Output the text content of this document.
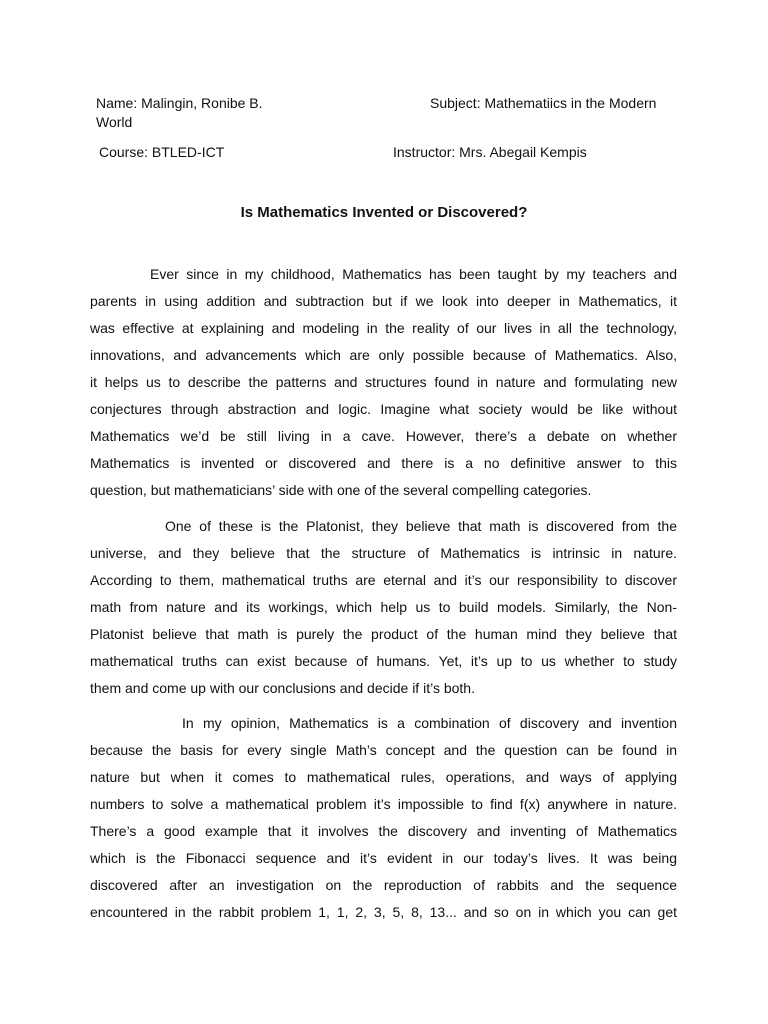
Name: Malingin, Ronibe B.	Subject: Mathematiics in the Modern
World
Course: BTLED-ICT	Instructor: Mrs. Abegail Kempis
Is Mathematics Invented or Discovered?
Ever since in my childhood, Mathematics has been taught by my teachers and
parents in using addition and subtraction but if we look into deeper in Mathematics, it
was effective at explaining and modeling in the reality of our lives in all the technology,
innovations, and advancements which are only possible because of Mathematics. Also,
it helps us to describe the patterns and structures found in nature and formulating new
conjectures through abstraction and logic. Imagine what society would be like without
Mathematics we’d be still living in a cave. However, there’s a debate on whether
Mathematics is invented or discovered and there is a no definitive answer to this
question, but mathematicians’ side with one of the several compelling categories.
One of these is the Platonist, they believe that math is discovered from the
universe, and they believe that the structure of Mathematics is intrinsic in nature.
According to them, mathematical truths are eternal and it’s our responsibility to discover
math from nature and its workings, which help us to build models. Similarly, the Non-
Platonist believe that math is purely the product of the human mind they believe that
mathematical truths can exist because of humans. Yet, it’s up to us whether to study
them and come up with our conclusions and decide if it’s both.
In my opinion, Mathematics is a combination of discovery and invention
because the basis for every single Math’s concept and the question can be found in
nature but when it comes to mathematical rules, operations, and ways of applying
numbers to solve a mathematical problem it’s impossible to find f(x) anywhere in nature.
There’s a good example that it involves the discovery and inventing of Mathematics
which is the Fibonacci sequence and it’s evident in our today’s lives. It was being
discovered after an investigation on the reproduction of rabbits and the sequence
encountered in the rabbit problem 1, 1, 2, 3, 5, 8, 13... and so on in which you can get
